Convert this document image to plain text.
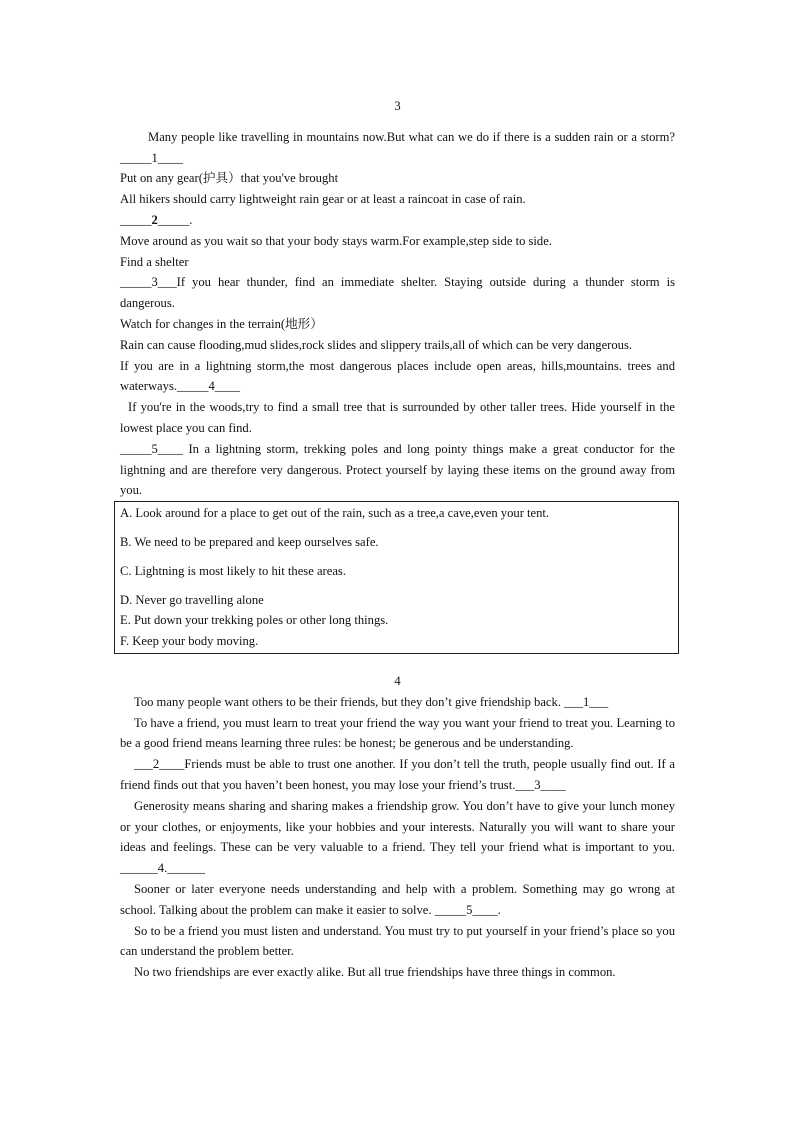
3

Many people like travelling in mountains now.But what can we do if there is a sudden rain or a storm?_____1____

Put on any gear(护具）that you've brought

All hikers should carry lightweight rain gear or at least a raincoat in case of rain.

_____2_____.

Move around as you wait so that your body stays warm.For example,step side to side.

Find a shelter

_____3___If you hear thunder, find an immediate shelter. Staying outside during a thunder storm is dangerous.

Watch for changes in the terrain(地形）

Rain can cause flooding,mud slides,rock slides and slippery trails,all of which can be very dangerous.

If you are in a lightning storm,the most dangerous places include open areas, hills,mountains. trees and waterways._____4____

If you're in the woods,try to find a small tree that is surrounded by other taller trees. Hide yourself in the lowest place you can find.

_____5____ In a lightning storm, trekking poles and long pointy things make a great conductor for the lightning and are therefore very dangerous. Protect yourself by laying these items on the ground away from you.

A. Look around for a place to get out of the rain, such as a tree,a cave,even your tent.

B. We need to be prepared and keep ourselves safe.

C. Lightning is most likely to hit these areas.

D. Never go travelling alone

E. Put down your trekking poles or other long things.

F. Keep your body moving.

4

Too many people want others to be their friends, but they don’t give friendship back. ___1___

To have a friend, you must learn to treat your friend the way you want your friend to treat you. Learning to be a good friend means learning three rules: be honest; be generous and be understanding.

___2____Friends must be able to trust one another. If you don’t tell the truth, people usually find out. If a friend finds out that you haven’t been honest, you may lose your friend’s trust.___3____

Generosity means sharing and sharing makes a friendship grow. You don’t have to give your lunch money or your clothes, or enjoyments, like your hobbies and your interests. Naturally you will want to share your ideas and feelings. These can be very valuable to a friend. They tell your friend what is important to you. ______4.______

Sooner or later everyone needs understanding and help with a problem. Something may go wrong at school. Talking about the problem can make it easier to solve. _____5____.

So to be a friend you must listen and understand. You must try to put yourself in your friend’s place so you can understand the problem better.

No two friendships are ever exactly alike. But all true friendships have three things in common.
